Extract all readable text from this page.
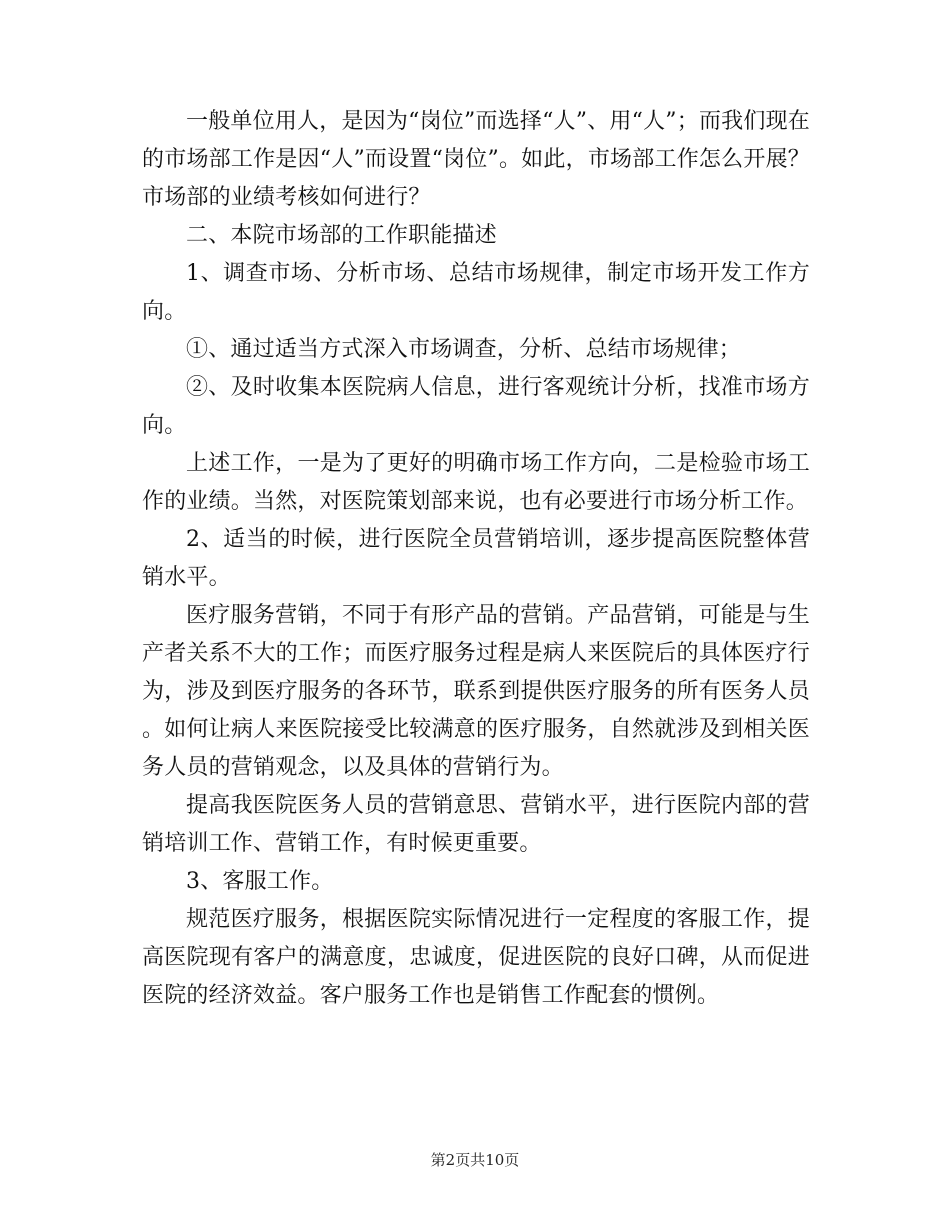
一般单位用人，是因为“岗位”而选择“人”、用“人”；而我们现在的市场部工作是因“人”而设置“岗位”。如此，市场部工作怎么开展？市场部的业绩考核如何进行？

二、本院市场部的工作职能描述

1、调查市场、分析市场、总结市场规律，制定市场开发工作方向。

①、通过适当方式深入市场调查，分析、总结市场规律；

②、及时收集本医院病人信息，进行客观统计分析，找准市场方向。

上述工作，一是为了更好的明确市场工作方向，二是检验市场工作的业绩。当然，对医院策划部来说，也有必要进行市场分析工作。

2、适当的时候，进行医院全员营销培训，逐步提高医院整体营销水平。

医疗服务营销，不同于有形产品的营销。产品营销，可能是与生产者关系不大的工作；而医疗服务过程是病人来医院后的具体医疗行为，涉及到医疗服务的各环节，联系到提供医疗服务的所有医务人员。如何让病人来医院接受比较满意的医疗服务，自然就涉及到相关医务人员的营销观念，以及具体的营销行为。

提高我医院医务人员的营销意思、营销水平，进行医院内部的营销培训工作、营销工作，有时候更重要。

3、客服工作。

规范医疗服务，根据医院实际情况进行一定程度的客服工作，提高医院现有客户的满意度，忠诚度，促进医院的良好口碑，从而促进医院的经济效益。客户服务工作也是销售工作配套的惯例。

第2页共10页
